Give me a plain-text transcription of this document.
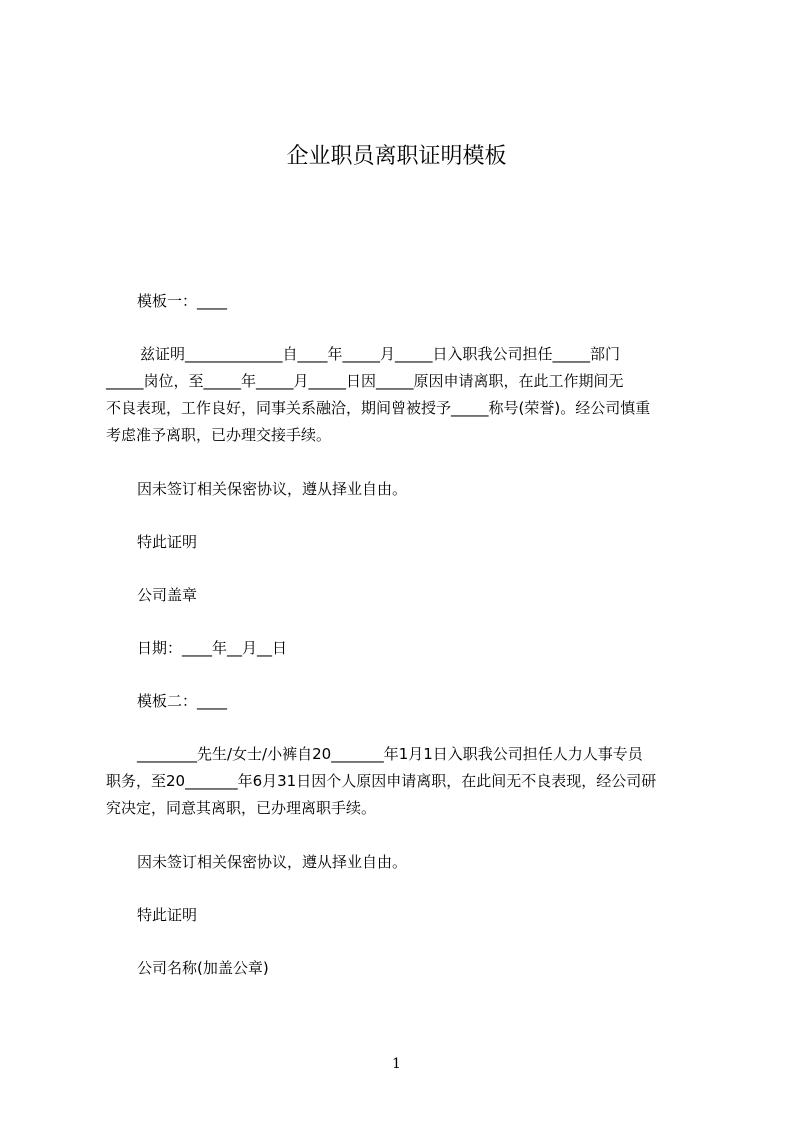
企业职员离职证明模板
模板一：____
兹证明_____________自____年_____月_____日入职我公司担任_____部门
_____岗位，至_____年_____月_____日因_____原因申请离职，在此工作期间无
不良表现，工作良好，同事关系融洽，期间曾被授予_____称号(荣誉)。经公司慎重
考虑准予离职，已办理交接手续。
因未签订相关保密协议，遵从择业自由。
特此证明
公司盖章
日期：____年__月__日
模板二：____
________先生/女士/小裤自20_______年1月1日入职我公司担任人力人事专员
职务，至20_______年6月31日因个人原因申请离职，在此间无不良表现，经公司研
究决定，同意其离职，已办理离职手续。
因未签订相关保密协议，遵从择业自由。
特此证明
公司名称(加盖公章)
1
